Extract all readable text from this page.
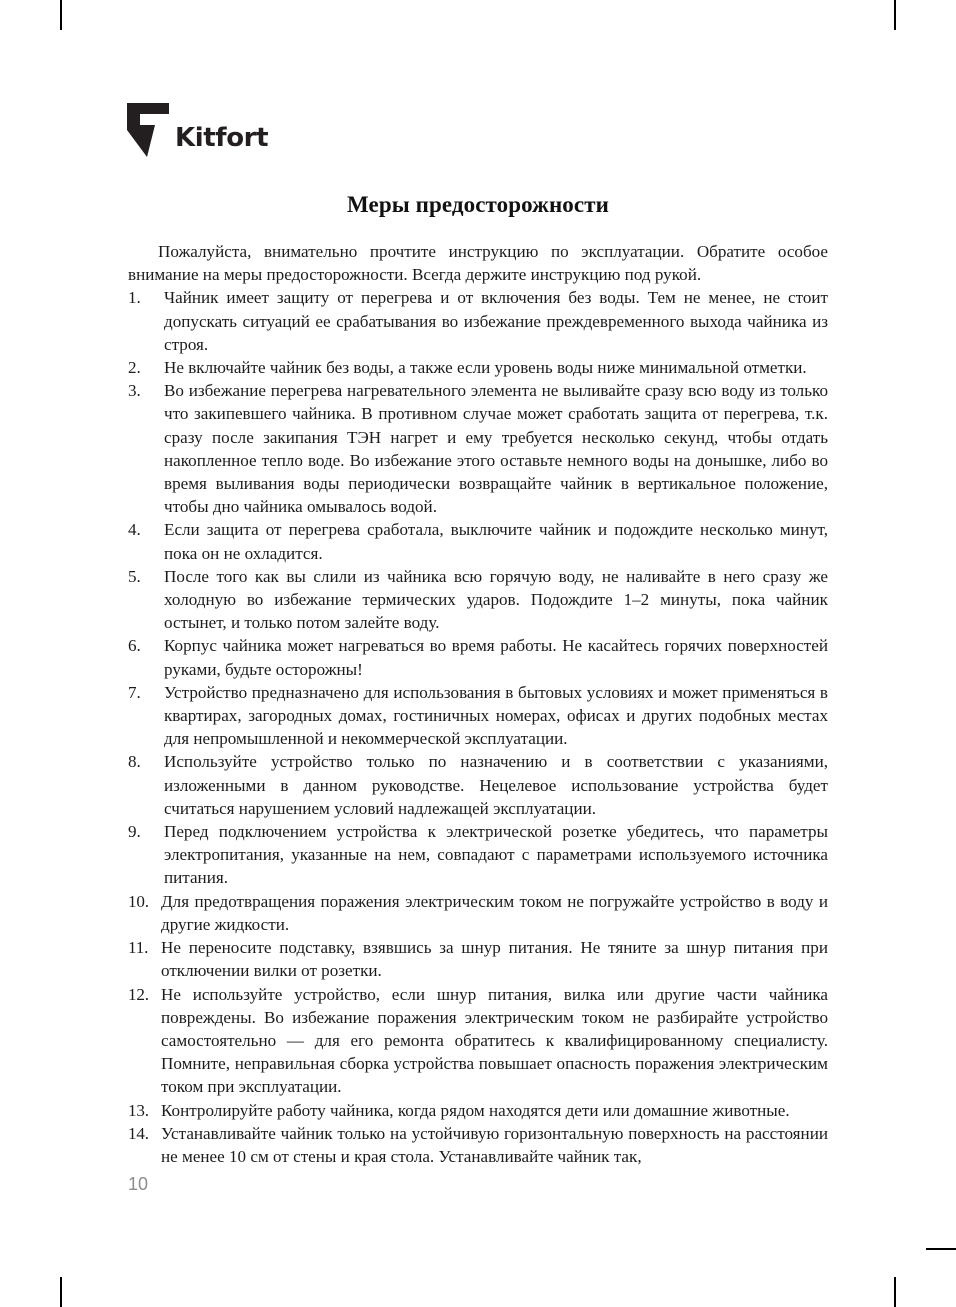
Kitfort
Меры предосторожности

Пожалуйста, внимательно прочтите инструкцию по эксплуатации. Обратите особое внимание на меры предосторожности. Всегда держите инструкцию под рукой.

Чайник имеет защиту от перегрева и от включения без воды. Тем не менее, не стоит допускать ситуаций ее срабатывания во избежание преждевременного выхода чайника из строя.
Не включайте чайник без воды, а также если уровень воды ниже минимальной отметки.
Во избежание перегрева нагревательного элемента не выливайте сразу всю воду из только что закипевшего чайника. В противном случае может сработать защита от перегрева, т.к. сразу после закипания ТЭН нагрет и ему требуется несколько секунд, чтобы отдать накопленное тепло воде. Во избежание этого оставьте немного воды на донышке, либо во время выливания воды периодически возвращайте чайник в вертикальное положение, чтобы дно чайника омывалось водой.
Если защита от перегрева сработала, выключите чайник и подождите несколько минут, пока он не охладится.
После того как вы слили из чайника всю горячую воду, не наливайте в него сразу же холодную во избежание термических ударов. Подождите 1–2 минуты, пока чайник остынет, и только потом залейте воду.
Корпус чайника может нагреваться во время работы. Не касайтесь горячих поверхностей руками, будьте осторожны!
Устройство предназначено для использования в бытовых условиях и может применяться в квартирах, загородных домах, гостиничных номерах, офисах и других подобных местах для непромышленной и некоммерческой эксплуатации.
Используйте устройство только по назначению и в соответствии с указаниями, изложенными в данном руководстве. Нецелевое использование устройства будет считаться нарушением условий надлежащей эксплуатации.
Перед подключением устройства к электрической розетке убедитесь, что параметры электропитания, указанные на нем, совпадают с параметрами используемого источника питания.
Для предотвращения поражения электрическим током не погружайте устройство в воду и другие жидкости.
Не переносите подставку, взявшись за шнур питания. Не тяните за шнур питания при отключении вилки от розетки.
Не используйте устройство, если шнур питания, вилка или другие части чайника повреждены. Во избежание поражения электрическим током не разбирайте устройство самостоятельно — для его ремонта обратитесь к квалифицированному специалисту. Помните, неправильная сборка устройства повышает опасность поражения электрическим током при эксплуатации.
Контролируйте работу чайника, когда рядом находятся дети или домашние животные.
Устанавливайте чайник только на устойчивую горизонтальную поверхность на расстоянии не менее 10 см от стены и края стола. Устанавливайте чайник так,
10
